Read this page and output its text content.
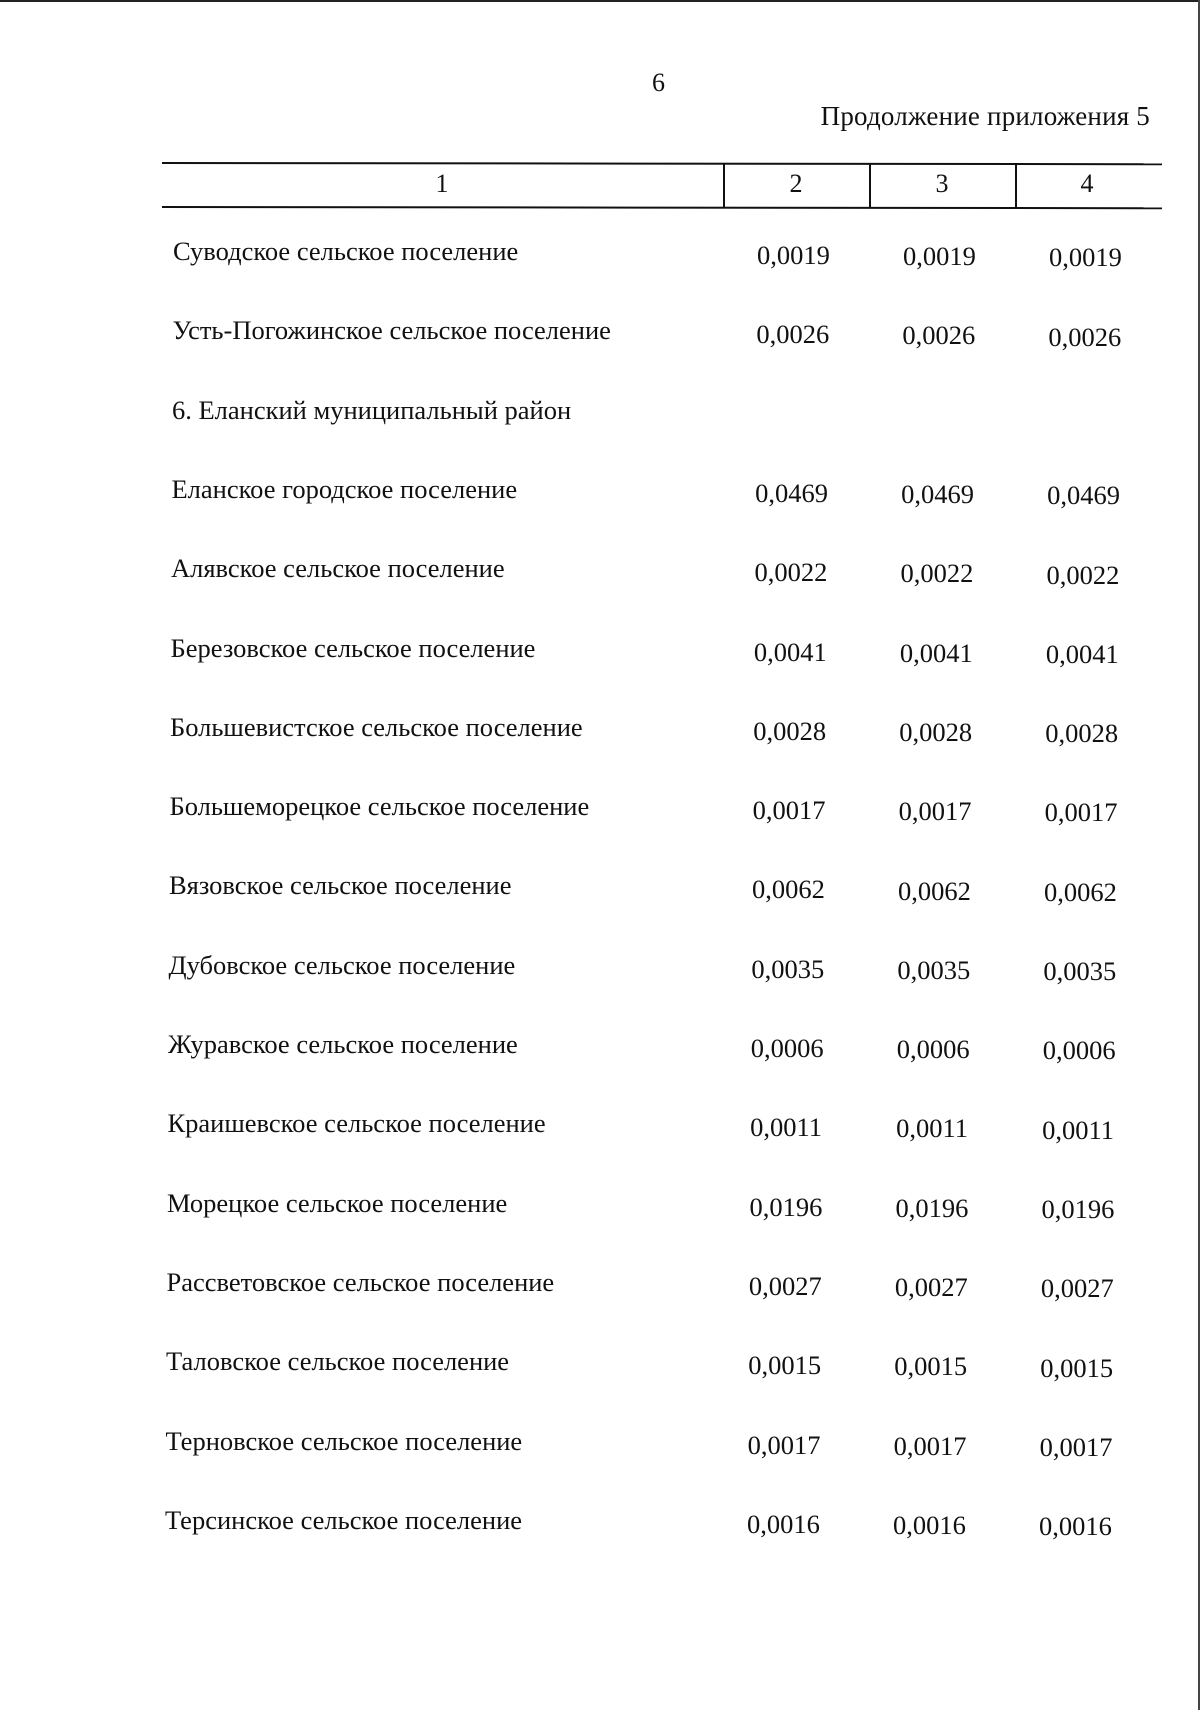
6
Продолжение приложения 5
1	2	3	4
Суводское сельское поселение	0,0019	0,0019	0,0019
Усть-Погожинское сельское поселение	0,0026	0,0026	0,0026
6. Еланский муниципальный район
Еланское городское поселение	0,0469	0,0469	0,0469
Алявское сельское поселение	0,0022	0,0022	0,0022
Березовское сельское поселение	0,0041	0,0041	0,0041
Большевистское сельское поселение	0,0028	0,0028	0,0028
Большеморецкое сельское поселение	0,0017	0,0017	0,0017
Вязовское сельское поселение	0,0062	0,0062	0,0062
Дубовское сельское поселение	0,0035	0,0035	0,0035
Журавское сельское поселение	0,0006	0,0006	0,0006
Краишевское сельское поселение	0,0011	0,0011	0,0011
Морецкое сельское поселение	0,0196	0,0196	0,0196
Рассветовское сельское поселение	0,0027	0,0027	0,0027
Таловское сельское поселение	0,0015	0,0015	0,0015
Терновское сельское поселение	0,0017	0,0017	0,0017
Терсинское сельское поселение	0,0016	0,0016	0,0016
